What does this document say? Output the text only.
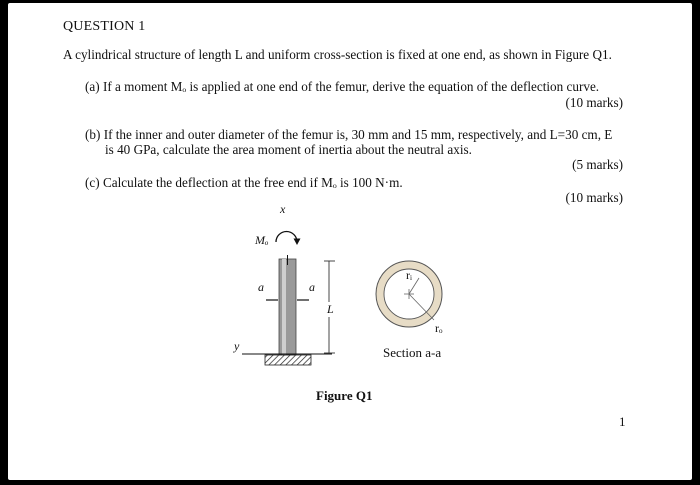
QUESTION 1
A cylindrical structure of length L and uniform cross-section is fixed at one end, as shown in Figure Q1.
(a) If a moment Mₒ is applied at one end of the femur, derive the equation of the deflection curve.
(10 marks)
(b) If the inner and outer diameter of the femur is, 30 mm and 15 mm, respectively, and L=30 cm, E
is 40 GPa, calculate the area moment of inertia about the neutral axis.
(5 marks)
(c) Calculate the deflection at the free end if Mₒ is 100 N·m.
(10 marks)
x
Mₒ
a	a
L
y
rᵢ
rₒ
Section a-a
Figure Q1
1
